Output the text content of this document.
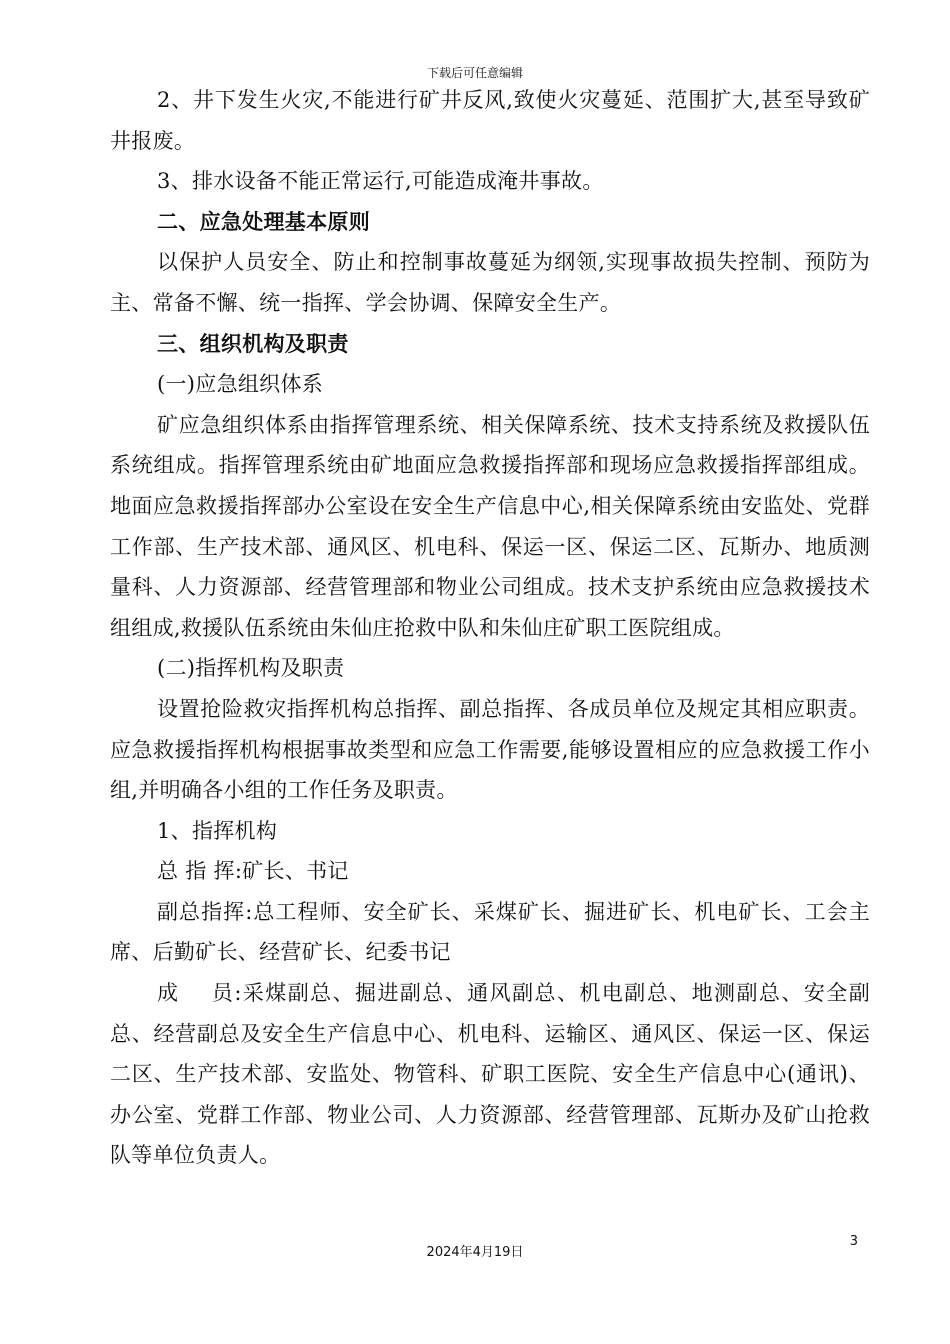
下载后可任意编辑

2、井下发生火灾,不能进行矿井反风,致使火灾蔓延、范围扩大,甚至导致矿井报废。

3、排水设备不能正常运行,可能造成淹井事故。

二、应急处理基本原则

以保护人员安全、防止和控制事故蔓延为纲领,实现事故损失控制、预防为主、常备不懈、统一指挥、学会协调、保障安全生产。

三、组织机构及职责

(一)应急组织体系

矿应急组织体系由指挥管理系统、相关保障系统、技术支持系统及救援队伍系统组成。指挥管理系统由矿地面应急救援指挥部和现场应急救援指挥部组成。地面应急救援指挥部办公室设在安全生产信息中心,相关保障系统由安监处、党群工作部、生产技术部、通风区、机电科、保运一区、保运二区、瓦斯办、地质测量科、人力资源部、经营管理部和物业公司组成。技术支护系统由应急救援技术组组成,救援队伍系统由朱仙庄抢救中队和朱仙庄矿职工医院组成。

(二)指挥机构及职责

设置抢险救灾指挥机构总指挥、副总指挥、各成员单位及规定其相应职责。应急救援指挥机构根据事故类型和应急工作需要,能够设置相应的应急救援工作小组,并明确各小组的工作任务及职责。

1、指挥机构

总 指 挥:矿长、书记

副总指挥:总工程师、安全矿长、采煤矿长、掘进矿长、机电矿长、工会主席、后勤矿长、经营矿长、纪委书记

成    员:采煤副总、掘进副总、通风副总、机电副总、地测副总、安全副总、经营副总及安全生产信息中心、机电科、运输区、通风区、保运一区、保运二区、生产技术部、安监处、物管科、矿职工医院、安全生产信息中心(通讯)、办公室、党群工作部、物业公司、人力资源部、经营管理部、瓦斯办及矿山抢救队等单位负责人。

3
2024年4月19日
